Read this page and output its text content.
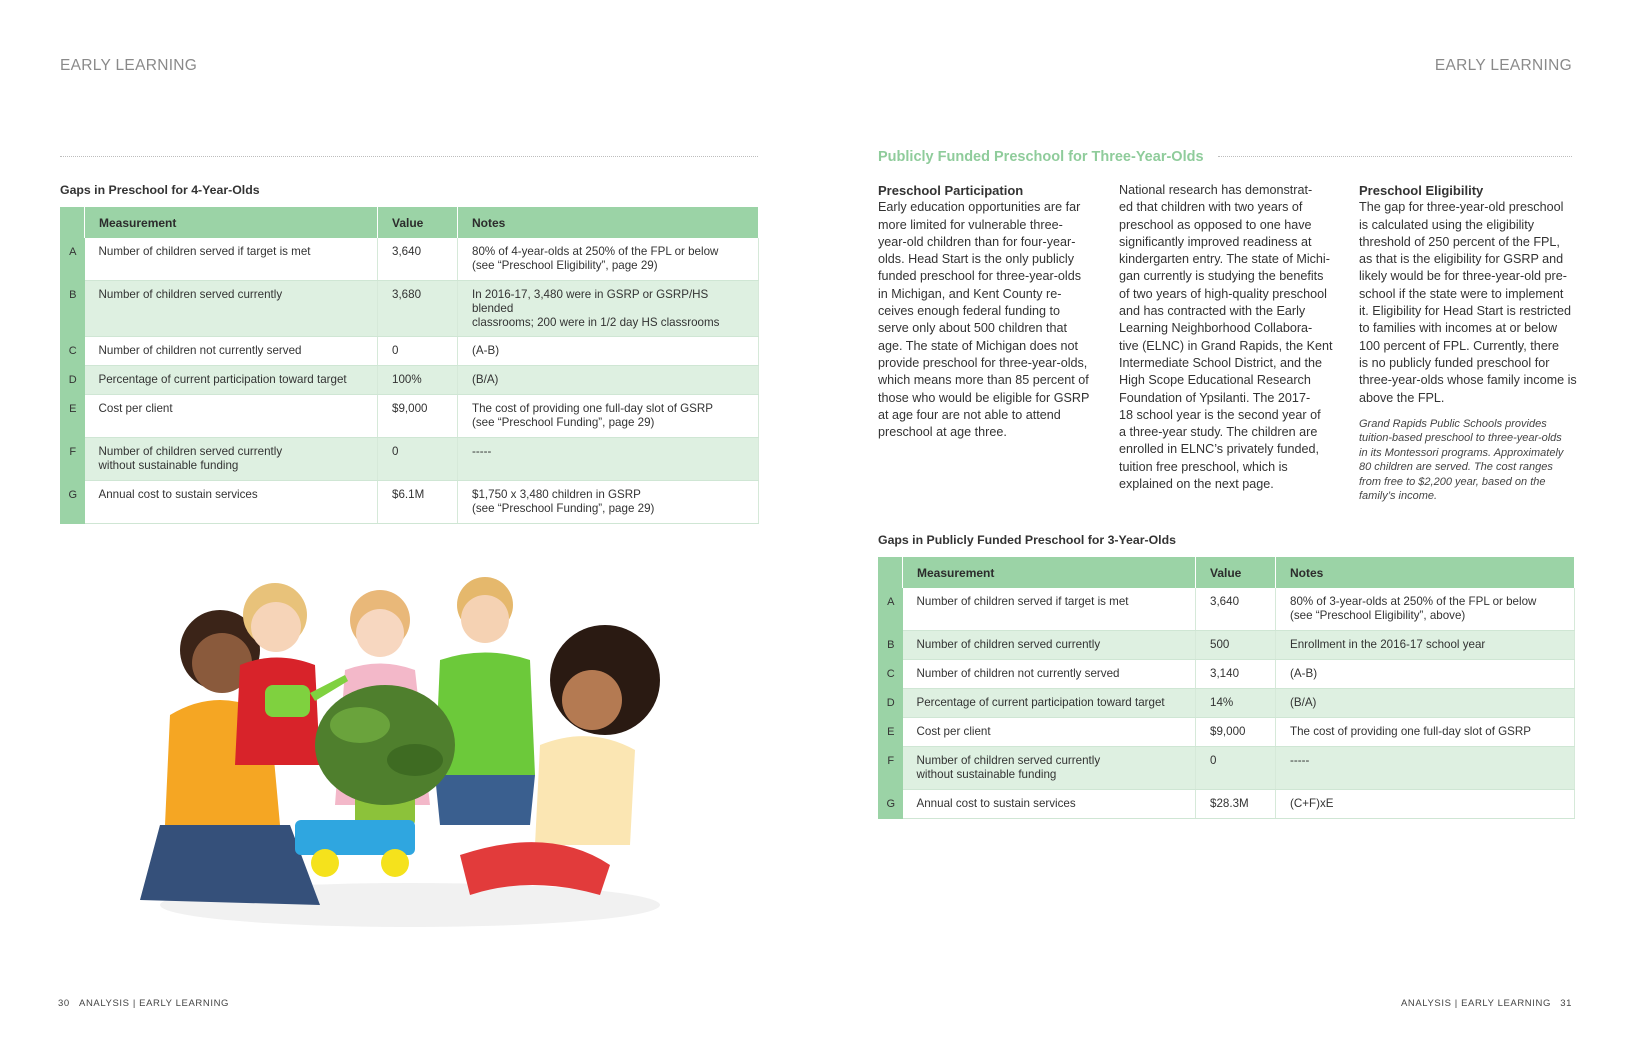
EARLY LEARNING
Gaps in Preschool for 4-Year-Olds
	Measurement	Value	Notes
A	Number of children served if target is met	3,640	80% of 4-year-olds at 250% of the FPL or below
(see “Preschool Eligibility”, page 29)

B	Number of children served currently	3,680	In 2016-17, 3,480 were in GSRP or GSRP/HS blended
classrooms; 200 were in 1/2 day HS classrooms

C	Number of children not currently served	0	(A-B)

D	Percentage of current participation toward target	100%	(B/A)

E	Cost per client	$9,000	The cost of providing one full-day slot of GSRP
(see “Preschool Funding”, page 29)

F	Number of children served currently
without sustainable funding	0	-----

G	Annual cost to sustain services	$6.1M	$1,750 x 3,480 children in GSRP
(see “Preschool Funding”, page 29)
30 ANALYSIS | EARLY LEARNING
EARLY LEARNING
Publicly Funded Preschool for Three-Year-Olds
Preschool Participation
Early education opportunities are far
more limited for vulnerable three-
year-old children than for four-year-
olds. Head Start is the only publicly
funded preschool for three-year-olds
in Michigan, and Kent County re-
ceives enough federal funding to
serve only about 500 children that
age. The state of Michigan does not
provide preschool for three-year-olds,
which means more than 85 percent of
those who would be eligible for GSRP
at age four are not able to attend
preschool at age three.
National research has demonstrat-
ed that children with two years of
preschool as opposed to one have
significantly improved readiness at
kindergarten entry. The state of Michi-
gan currently is studying the benefits
of two years of high-quality preschool
and has contracted with the Early
Learning Neighborhood Collabora-
tive (ELNC) in Grand Rapids, the Kent
Intermediate School District, and the
High Scope Educational Research
Foundation of Ypsilanti. The 2017-
18 school year is the second year of
a three-year study. The children are
enrolled in ELNC’s privately funded,
tuition free preschool, which is
explained on the next page.
Preschool Eligibility
The gap for three-year-old preschool
is calculated using the eligibility
threshold of 250 percent of the FPL,
as that is the eligibility for GSRP and
likely would be for three-year-old pre-
school if the state were to implement
it. Eligibility for Head Start is restricted
to families with incomes at or below
100 percent of FPL. Currently, there
is no publicly funded preschool for
three-year-olds whose family income is
above the FPL.
Grand Rapids Public Schools provides
tuition-based preschool to three-year-olds
in its Montessori programs. Approximately
80 children are served. The cost ranges
from free to $2,200 year, based on the
family’s income.
Gaps in Publicly Funded Preschool for 3-Year-Olds
	Measurement	Value	Notes
A	Number of children served if target is met	3,640	80% of 3-year-olds at 250% of the FPL or below
(see “Preschool Eligibility”, above)

B	Number of children served currently	500	Enrollment in the 2016-17 school year

C	Number of children not currently served	3,140	(A-B)

D	Percentage of current participation toward target	14%	(B/A)

E	Cost per client	$9,000	The cost of providing one full-day slot of GSRP

F	Number of children served currently
without sustainable funding	0	-----

G	Annual cost to sustain services	$28.3M	(C+F)xE
ANALYSIS | EARLY LEARNING 31
